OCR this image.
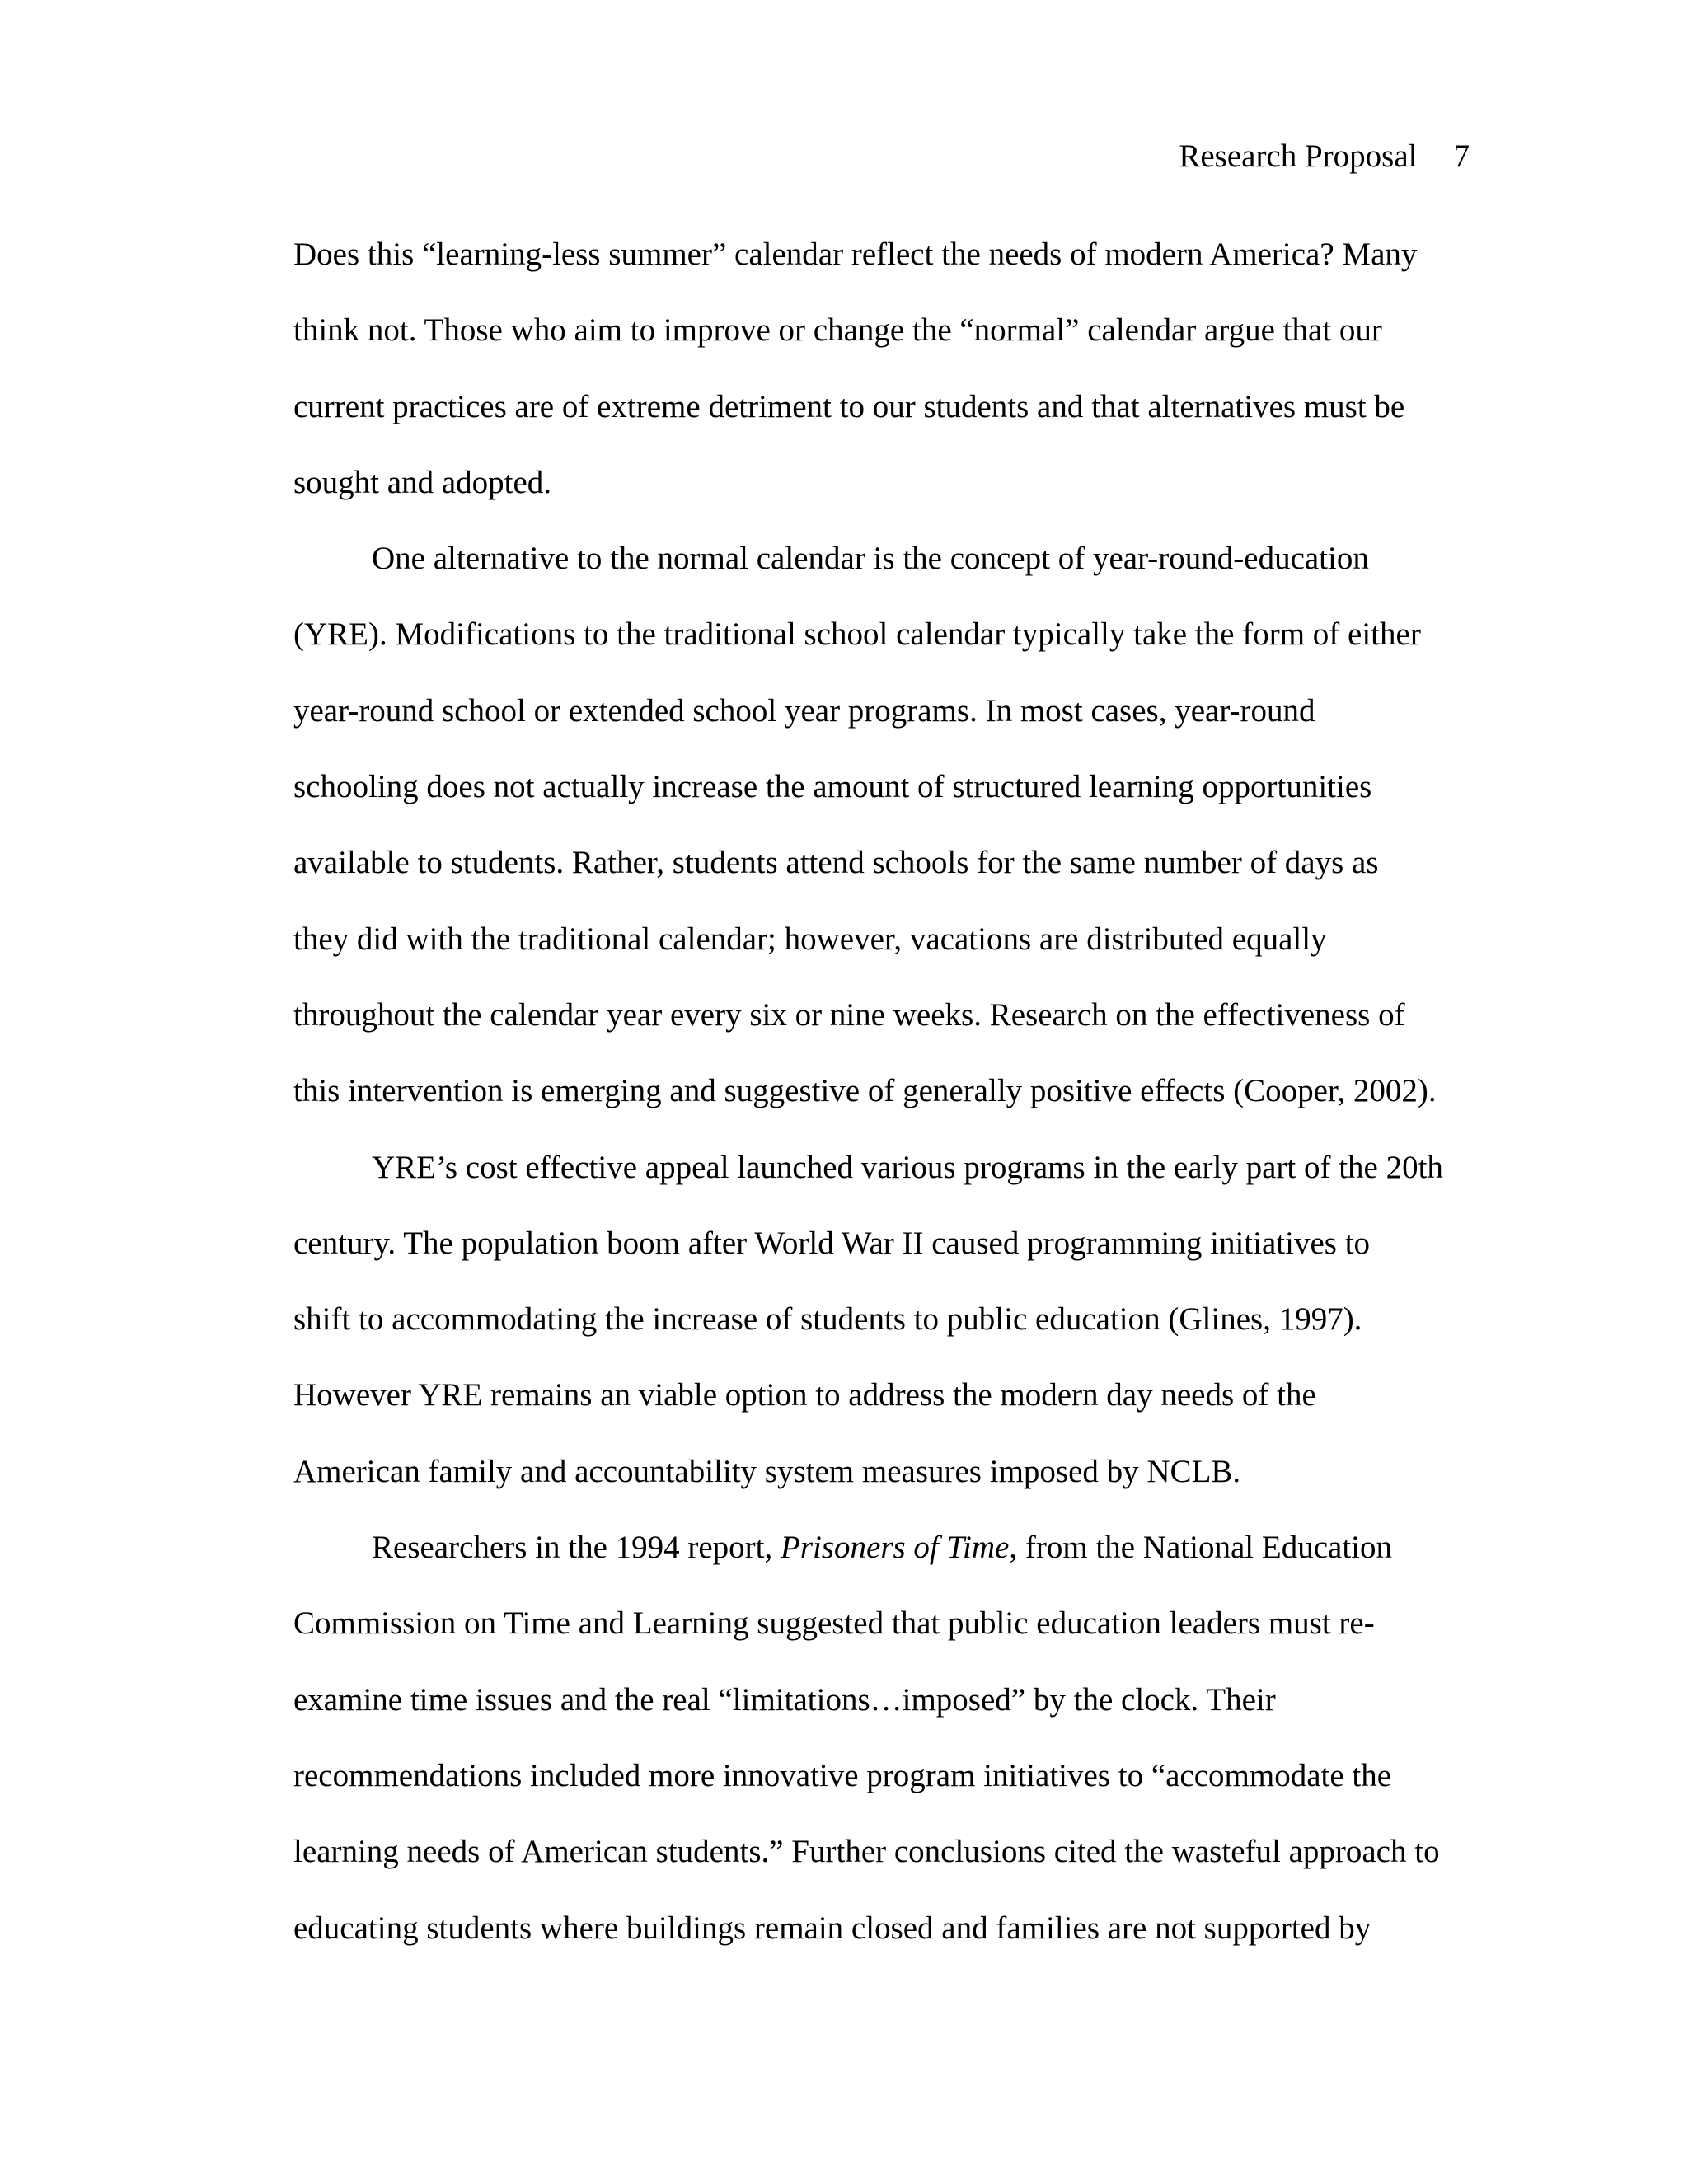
Research Proposal 7
Does this “learning-less summer” calendar reflect the needs of modern America? Many
think not. Those who aim to improve or change the “normal” calendar argue that our
current practices are of extreme detriment to our students and that alternatives must be
sought and adopted.
One alternative to the normal calendar is the concept of year-round-education
(YRE). Modifications to the traditional school calendar typically take the form of either
year-round school or extended school year programs. In most cases, year-round
schooling does not actually increase the amount of structured learning opportunities
available to students. Rather, students attend schools for the same number of days as
they did with the traditional calendar; however, vacations are distributed equally
throughout the calendar year every six or nine weeks. Research on the effectiveness of
this intervention is emerging and suggestive of generally positive effects (Cooper, 2002).
YRE’s cost effective appeal launched various programs in the early part of the 20th
century. The population boom after World War II caused programming initiatives to
shift to accommodating the increase of students to public education (Glines, 1997).
However YRE remains an viable option to address the modern day needs of the
American family and accountability system measures imposed by NCLB.
Researchers in the 1994 report, Prisoners of Time, from the National Education
Commission on Time and Learning suggested that public education leaders must re-
examine time issues and the real “limitations…imposed” by the clock. Their
recommendations included more innovative program initiatives to “accommodate the
learning needs of American students.” Further conclusions cited the wasteful approach to
educating students where buildings remain closed and families are not supported by
